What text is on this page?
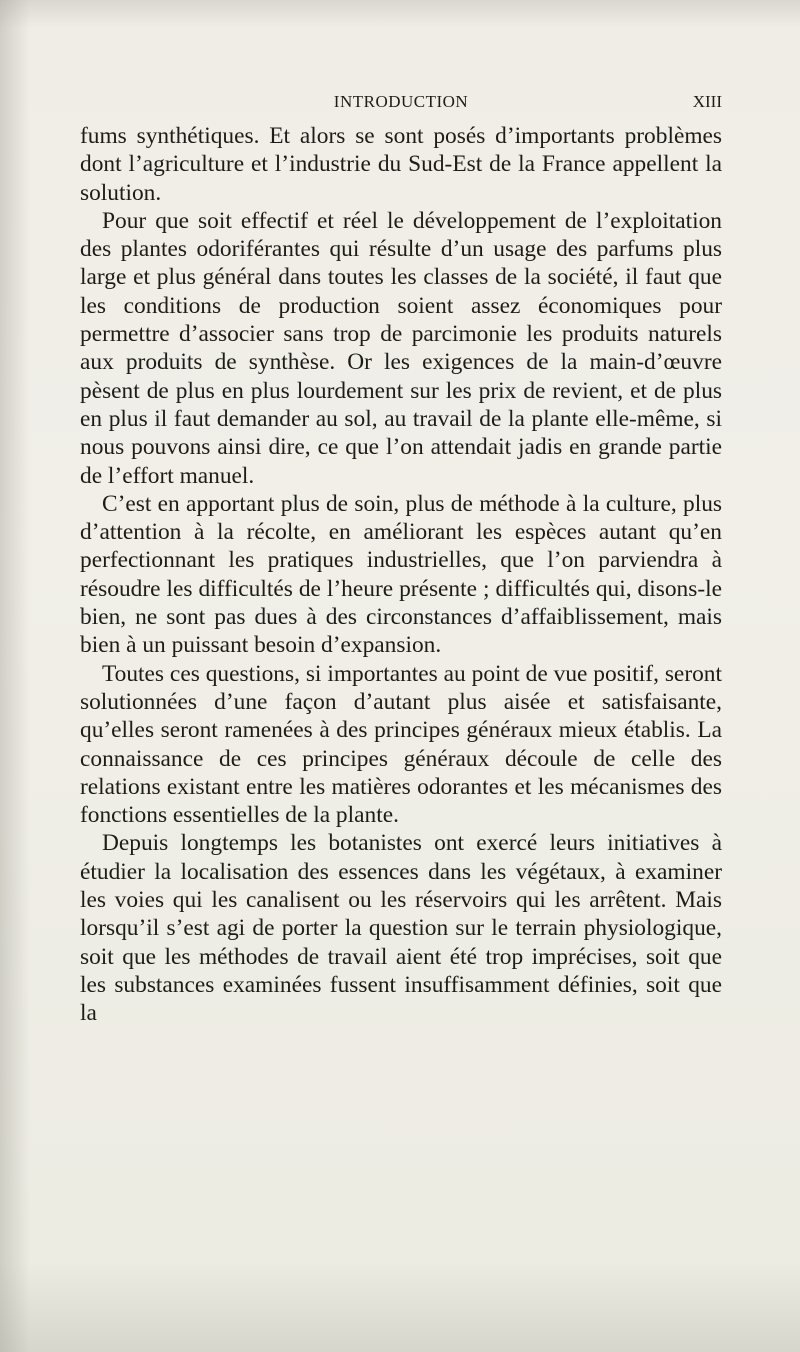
INTRODUCTION	XIII

fums synthétiques. Et alors se sont posés d’importants problèmes dont l’agriculture et l’industrie du Sud-Est de la France appellent la solution.

Pour que soit effectif et réel le développement de l’exploitation des plantes odoriférantes qui résulte d’un usage des parfums plus large et plus général dans toutes les classes de la société, il faut que les conditions de production soient assez économiques pour permettre d’associer sans trop de parcimonie les produits naturels aux produits de synthèse. Or les exigences de la main-d’œuvre pèsent de plus en plus lourdement sur les prix de revient, et de plus en plus il faut demander au sol, au travail de la plante elle-même, si nous pouvons ainsi dire, ce que l’on attendait jadis en grande partie de l’effort manuel.

C’est en apportant plus de soin, plus de méthode à la culture, plus d’attention à la récolte, en améliorant les espèces autant qu’en perfectionnant les pratiques industrielles, que l’on parviendra à résoudre les difficultés de l’heure présente ; difficultés qui, disons-le bien, ne sont pas dues à des circonstances d’affaiblissement, mais bien à un puissant besoin d’expansion.

Toutes ces questions, si importantes au point de vue positif, seront solutionnées d’une façon d’autant plus aisée et satisfaisante, qu’elles seront ramenées à des principes généraux mieux établis. La connaissance de ces principes généraux découle de celle des relations existant entre les matières odorantes et les mécanismes des fonctions essentielles de la plante.

Depuis longtemps les botanistes ont exercé leurs initiatives à étudier la localisation des essences dans les végétaux, à examiner les voies qui les canalisent ou les réservoirs qui les arrêtent. Mais lorsqu’il s’est agi de porter la question sur le terrain physiologique, soit que les méthodes de travail aient été trop imprécises, soit que les substances examinées fussent insuffisamment définies, soit que la
